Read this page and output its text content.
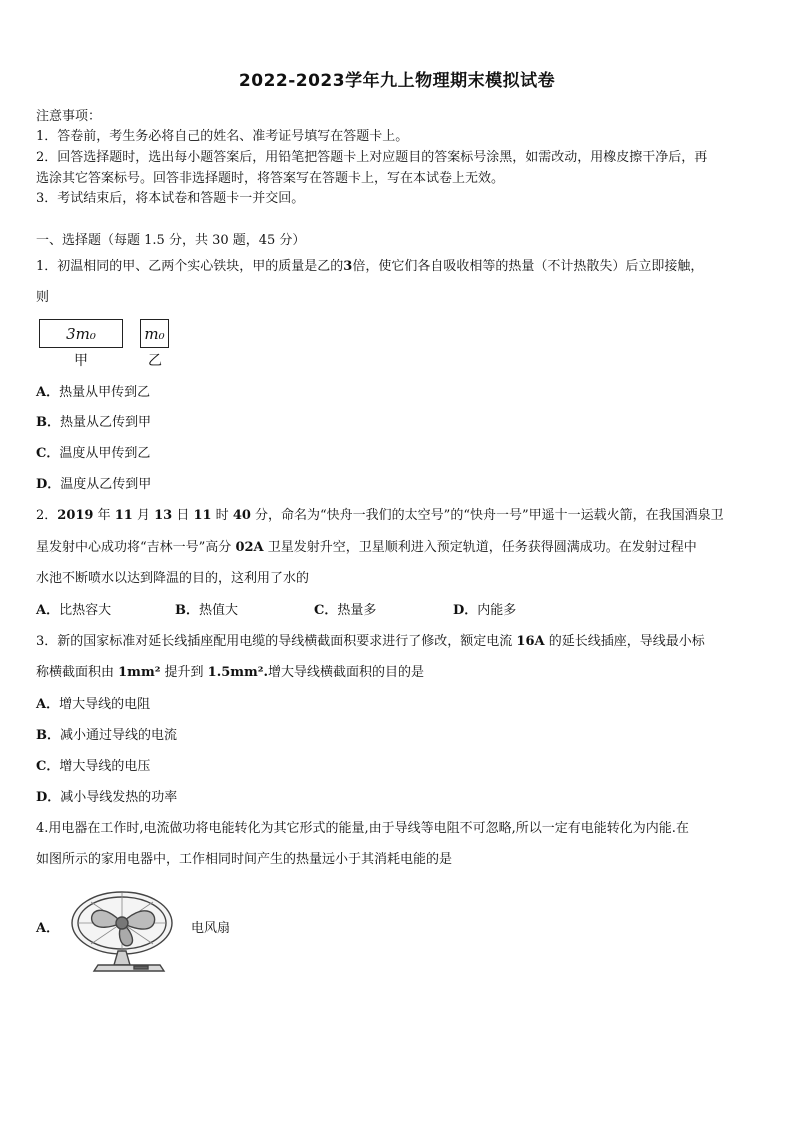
2022-2023学年九上物理期末模拟试卷
注意事项：
1．答卷前，考生务必将自己的姓名、准考证号填写在答题卡上。
2．回答选择题时，选出每小题答案后，用铅笔把答题卡上对应题目的答案标号涂黑，如需改动，用橡皮擦干净后，再
选涂其它答案标号。回答非选择题时，将答案写在答题卡上，写在本试卷上无效。
3．考试结束后，将本试卷和答题卡一并交回。
一、选择题（每题 1.5 分，共 30 题，45 分）
1．初温相同的甲、乙两个实心铁块，甲的质量是乙的3倍，使它们各自吸收相等的热量（不计热散失）后立即接触，
则
3m₀	m₀
甲	乙
A．热量从甲传到乙
B．热量从乙传到甲
C．温度从甲传到乙
D．温度从乙传到甲
2．2019 年 11 月 13 日 11 时 40 分，命名为“快舟一我们的太空号”的“快舟一号”甲遥十一运载火箭，在我国酒泉卫
星发射中心成功将“吉林一号”高分 02A 卫星发射升空，卫星顺利进入预定轨道，任务获得圆满成功。在发射过程中
水池不断喷水以达到降温的目的，这利用了水的
A．比热容大	B．热值大	C．热量多	D．内能多
3．新的国家标准对延长线插座配用电缆的导线横截面积要求进行了修改，额定电流 16A 的延长线插座，导线最小标
称横截面积由 1mm² 提升到 1.5mm².增大导线横截面积的目的是
A．增大导线的电阻
B．减小通过导线的电流
C．增大导线的电压
D．减小导线发热的功率
4.用电器在工作时,电流做功将电能转化为其它形式的能量,由于导线等电阻不可忽略,所以一定有电能转化为内能.在
如图所示的家用电器中，工作相同时间产生的热量远小于其消耗电能的是
A．	电风扇
